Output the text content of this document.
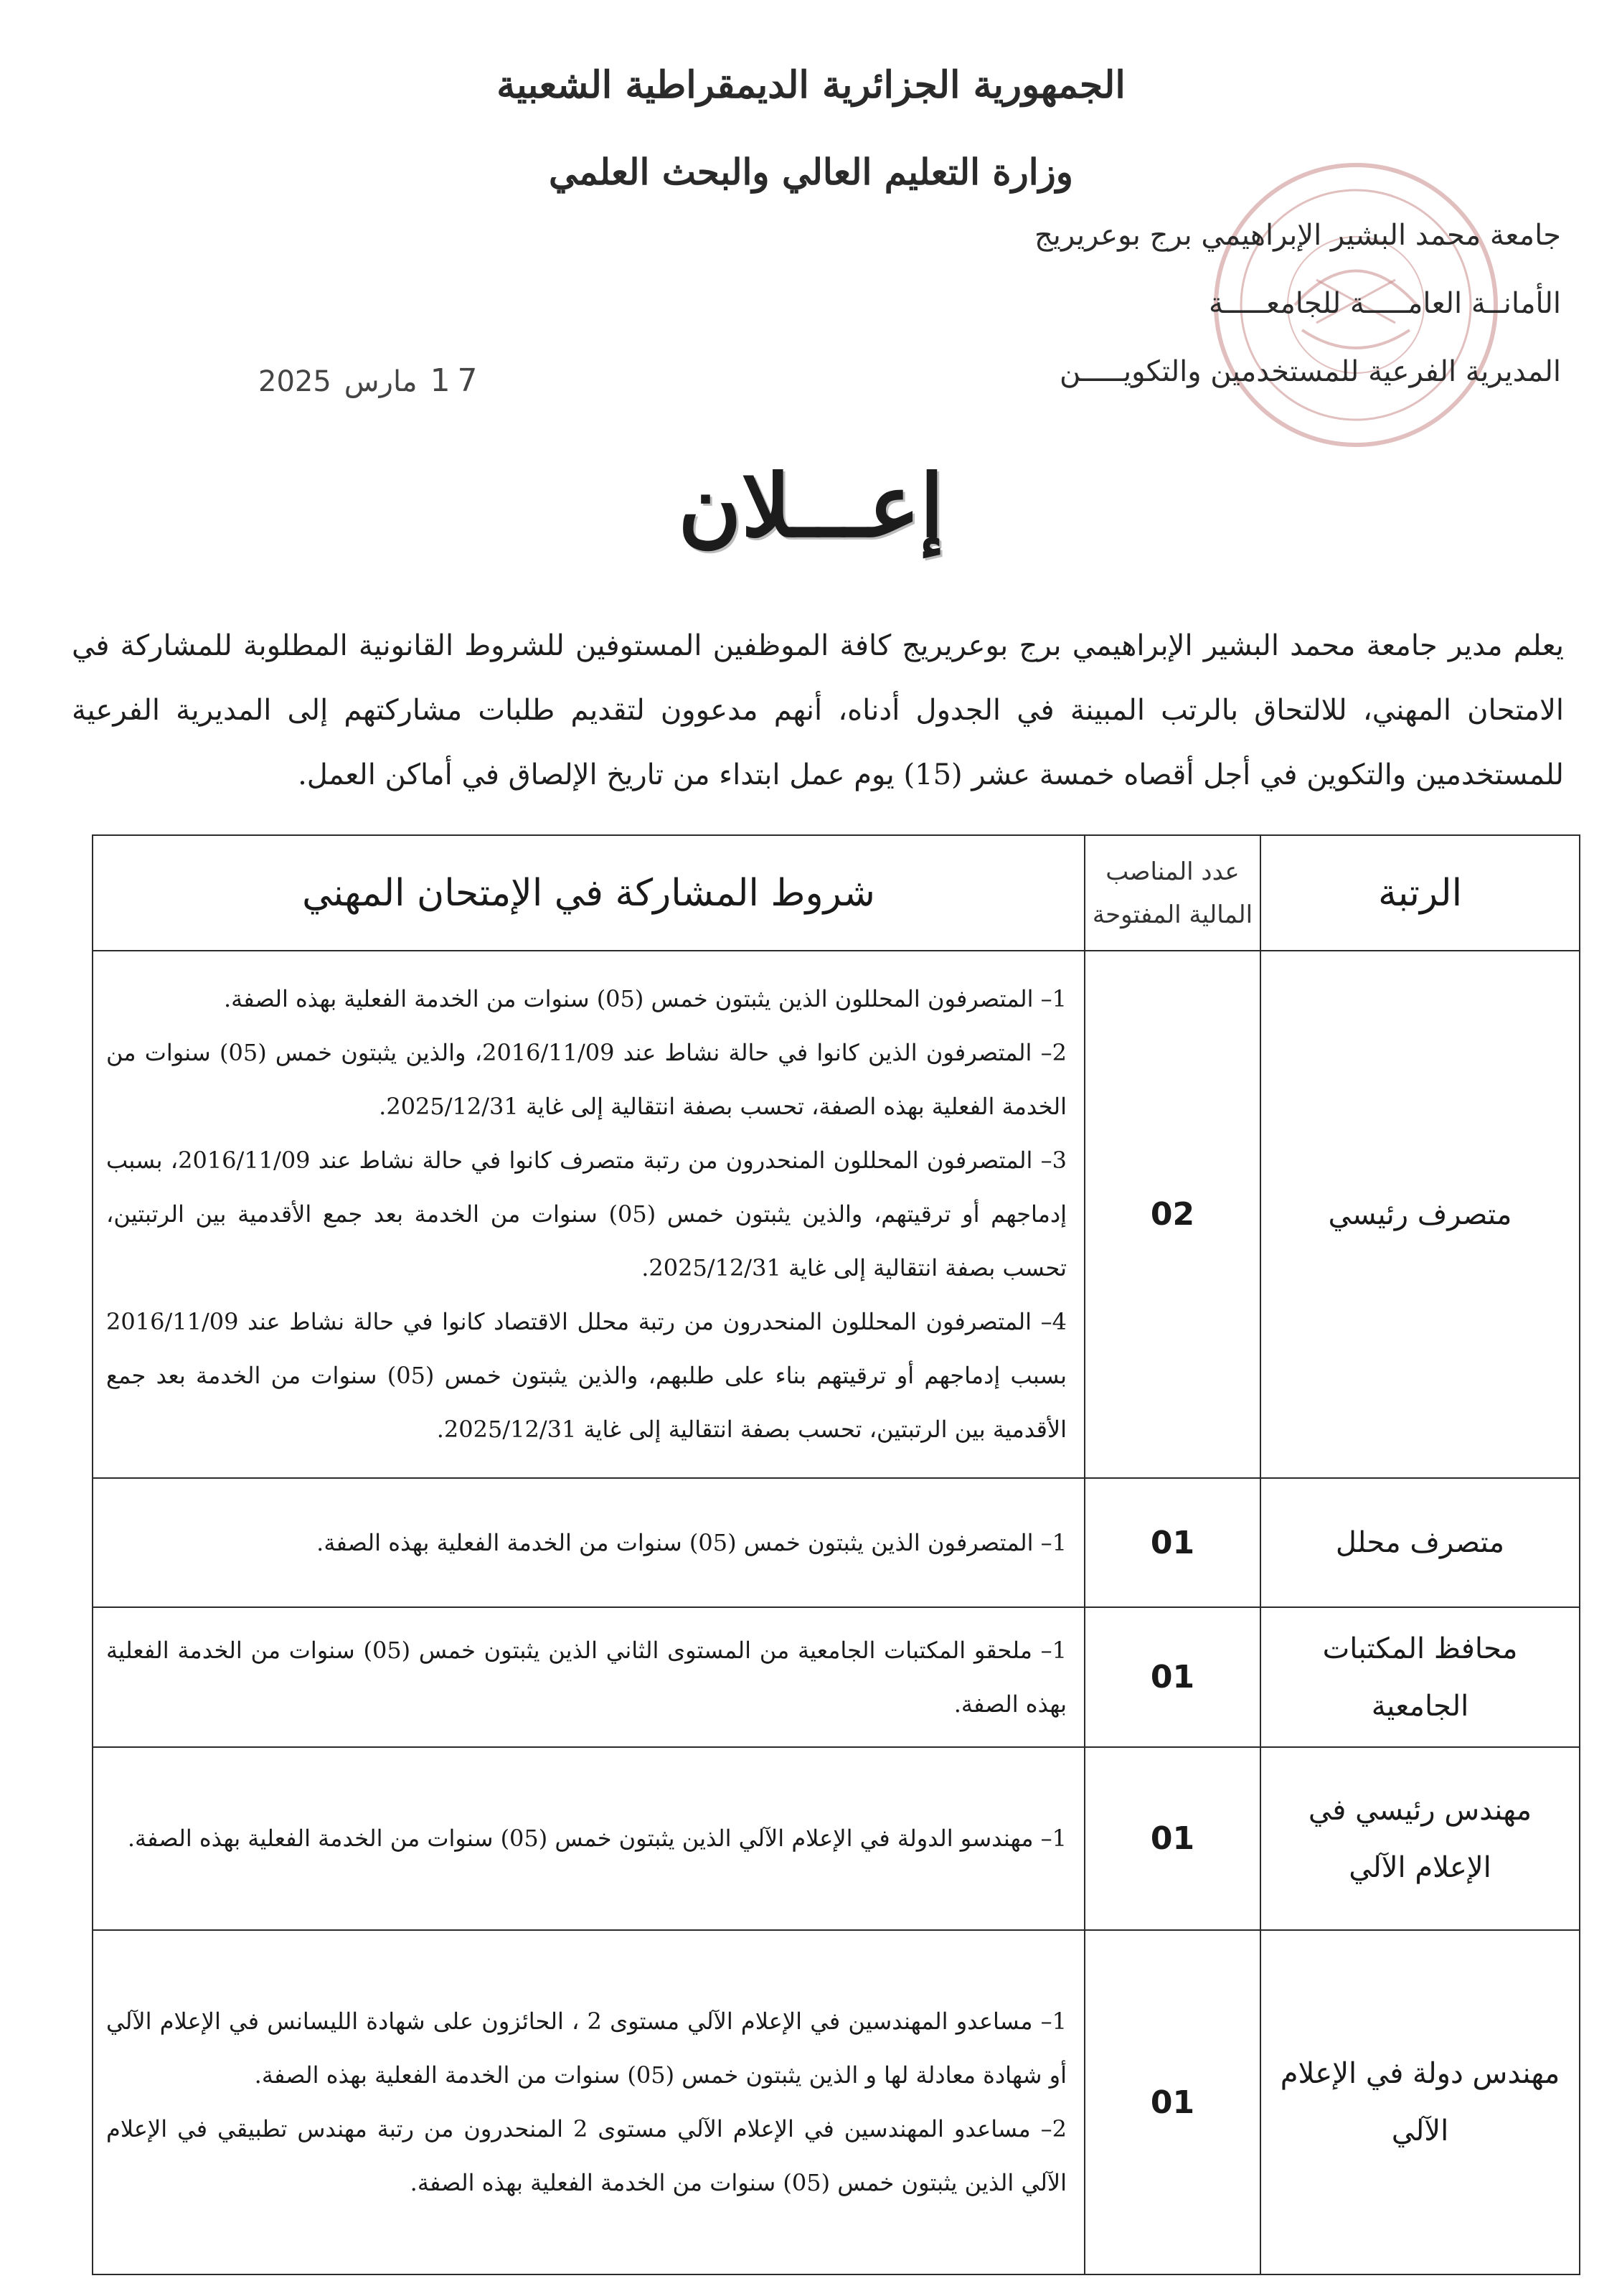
الجمهورية الجزائرية الديمقراطية الشعبية
وزارة التعليم العالي والبحث العلمي
جامعة محمد البشير الإبراهيمي برج بوعريريج
الأمانــة العامـــــة للجامعـــــة
المديرية الفرعية للمستخدمين والتكويـــــن
17
مارس
2025
إعـــلان
يعلم مدير جامعة محمد البشير الإبراهيمي برج بوعريريج كافة الموظفين المستوفين للشروط القانونية المطلوبة للمشاركة في الامتحان المهني، للالتحاق بالرتب المبينة في الجدول أدناه، أنهم مدعوون لتقديم طلبات مشاركتهم إلى المديرية الفرعية للمستخدمين والتكوين في أجل أقصاه خمسة عشر (15) يوم عمل ابتداء من تاريخ الإلصاق في أماكن العمل.
الرتبة	عدد المناصب المالية المفتوحة	شروط المشاركة في الإمتحان المهني
متصرف رئيسي	02	1– المتصرفون المحللون الذين يثبتون خمس (05) سنوات من الخدمة الفعلية بهذه الصفة.

2– المتصرفون الذين كانوا في حالة نشاط عند 2016/11/09، والذين يثبتون خمس (05) سنوات من الخدمة الفعلية بهذه الصفة، تحسب بصفة انتقالية إلى غاية 2025/12/31.

3– المتصرفون المحللون المنحدرون من رتبة متصرف كانوا في حالة نشاط عند 2016/11/09، بسبب إدماجهم أو ترقيتهم، والذين يثبتون خمس (05) سنوات من الخدمة بعد جمع الأقدمية بين الرتبتين، تحسب بصفة انتقالية إلى غاية 2025/12/31.

4– المتصرفون المحللون المنحدرون من رتبة محلل الاقتصاد كانوا في حالة نشاط عند 2016/11/09 بسبب إدماجهم أو ترقيتهم بناء على طلبهم، والذين يثبتون خمس (05) سنوات من الخدمة بعد جمع الأقدمية بين الرتبتين، تحسب بصفة انتقالية إلى غاية 2025/12/31.

متصرف محلل	01	1– المتصرفون الذين يثبتون خمس (05) سنوات من الخدمة الفعلية بهذه الصفة.

محافظ المكتبات الجامعية	01	1– ملحقو المكتبات الجامعية من المستوى الثاني الذين يثبتون خمس (05) سنوات من الخدمة الفعلية بهذه الصفة.

مهندس رئيسي في الإعلام الآلي	01	1– مهندسو الدولة في الإعلام الآلي الذين يثبتون خمس (05) سنوات من الخدمة الفعلية بهذه الصفة.

مهندس دولة في الإعلام الآلي	01	1– مساعدو المهندسين في الإعلام الآلي مستوى 2 ، الحائزون على شهادة الليسانس في الإعلام الآلي أو شهادة معادلة لها و الذين يثبتون خمس (05) سنوات من الخدمة الفعلية بهذه الصفة.

2– مساعدو المهندسين في الإعلام الآلي مستوى 2 المنحدرون من رتبة مهندس تطبيقي في الإعلام الآلي الذين يثبتون خمس (05) سنوات من الخدمة الفعلية بهذه الصفة.
